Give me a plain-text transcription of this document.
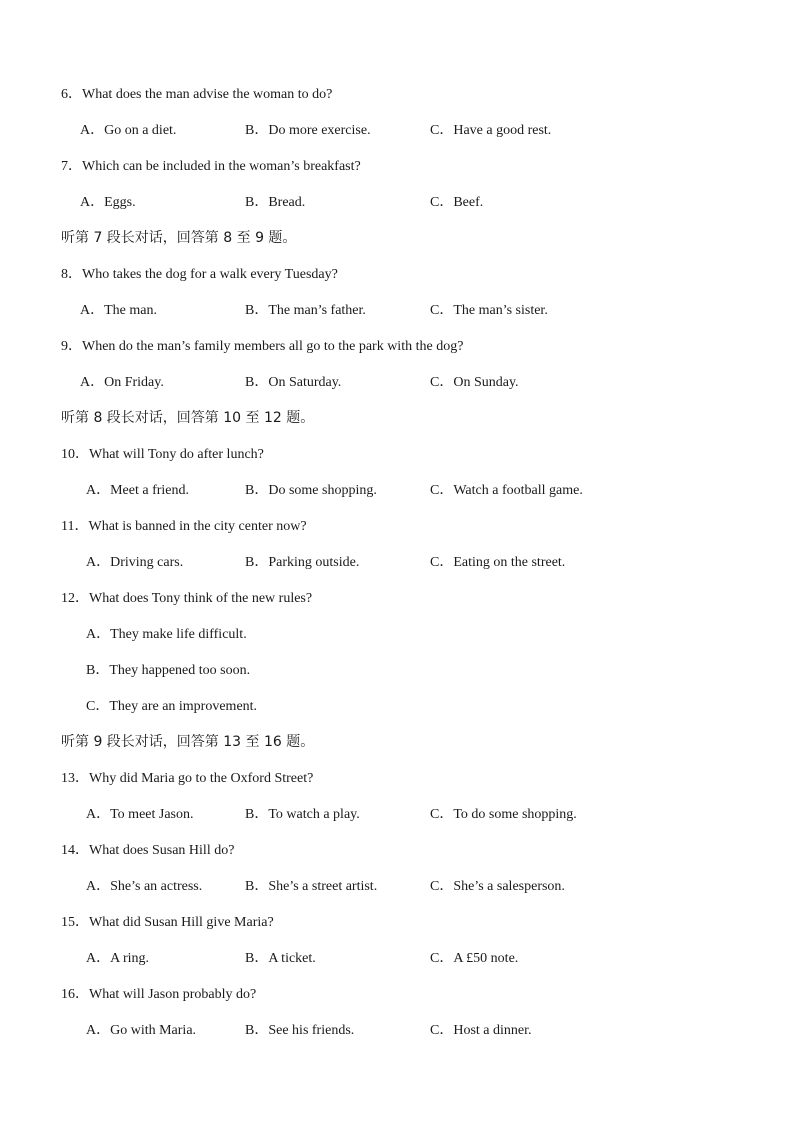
6．What does the man advise the woman to do?
A．Go on a diet.	B．Do more exercise.	C．Have a good rest.
7．Which can be included in the woman’s breakfast?
A．Eggs.	B．Bread.	C．Beef.
听第 7 段长对话，回答第 8 至 9 题。
8．Who takes the dog for a walk every Tuesday?
A．The man.	B．The man’s father.	C．The man’s sister.
9．When do the man’s family members all go to the park with the dog?
A．On Friday.	B．On Saturday.	C．On Sunday.
听第 8 段长对话，回答第 10 至 12 题。
10．What will Tony do after lunch?
A．Meet a friend.	B．Do some shopping.	C．Watch a football game.
11．What is banned in the city center now?
A．Driving cars.	B．Parking outside.	C．Eating on the street.
12．What does Tony think of the new rules?
A．They make life difficult.
B．They happened too soon.
C．They are an improvement.
听第 9 段长对话，回答第 13 至 16 题。
13．Why did Maria go to the Oxford Street?
A．To meet Jason.	B．To watch a play.	C．To do some shopping.
14．What does Susan Hill do?
A．She’s an actress.	B．She’s a street artist.	C．She’s a salesperson.
15．What did Susan Hill give Maria?
A．A ring.	B．A ticket.	C．A £50 note.
16．What will Jason probably do?
A．Go with Maria.	B．See his friends.	C．Host a dinner.
